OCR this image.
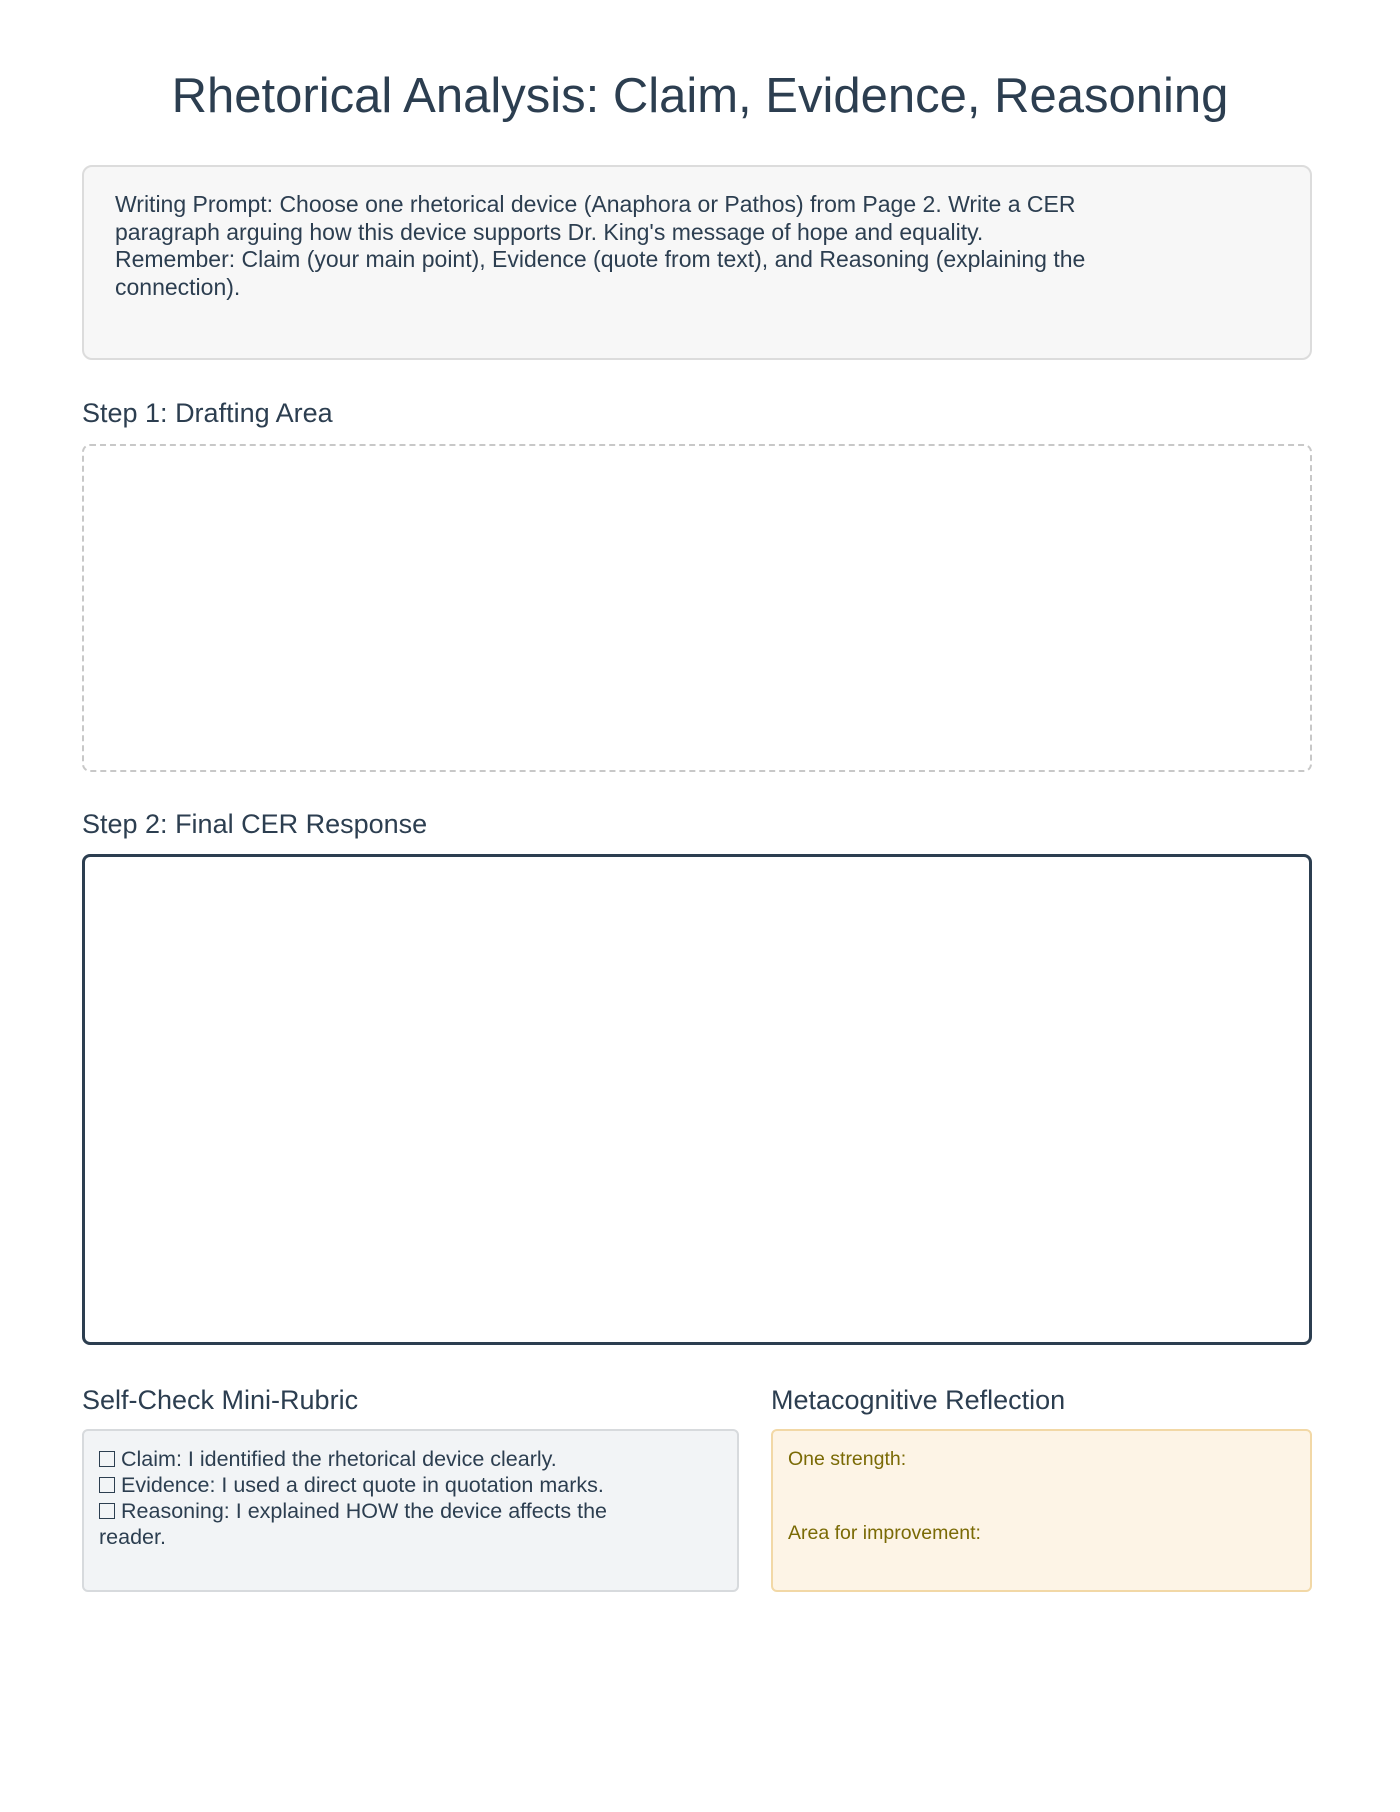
Rhetorical Analysis: Claim, Evidence, Reasoning
Writing Prompt: Choose one rhetorical device (Anaphora or Pathos) from Page 2. Write a CER paragraph arguing how this device supports Dr. King's message of hope and equality.
Remember: Claim (your main point), Evidence (quote from text), and Reasoning (explaining the connection).
Step 1: Drafting Area
Step 2: Final CER Response
Self-Check Mini-Rubric
Claim: I identified the rhetorical device clearly.
Evidence: I used a direct quote in quotation marks.
Reasoning: I explained HOW the device affects the reader.
Metacognitive Reflection
One strength:
Area for improvement:
